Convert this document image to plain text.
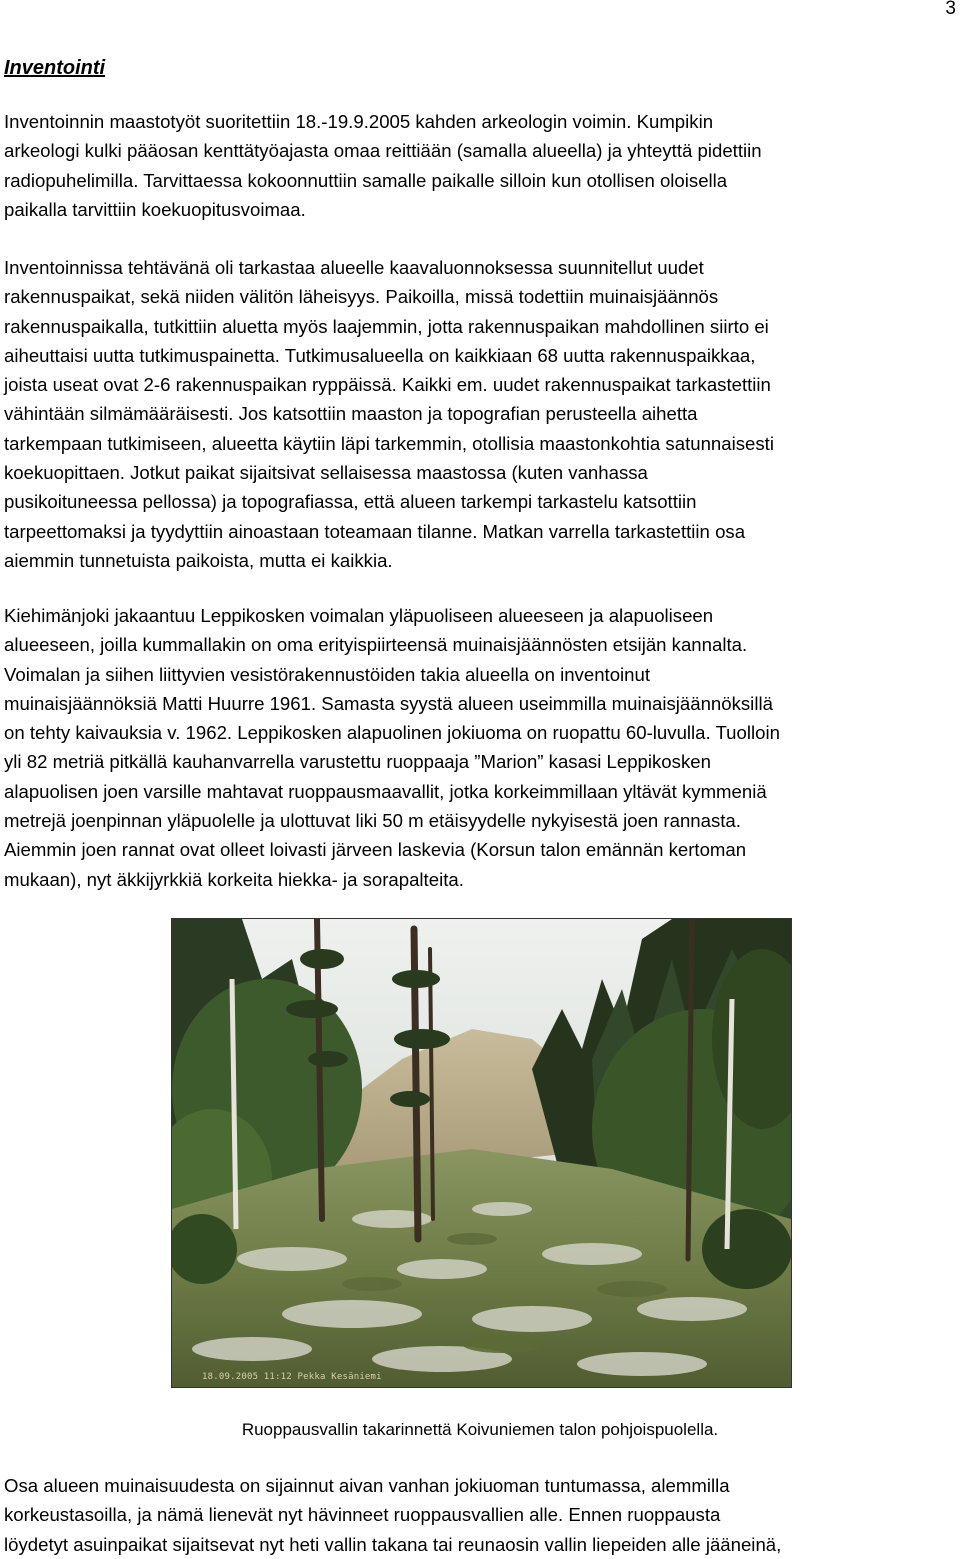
3
Inventointi

Inventoinnin maastotyöt suoritettiin 18.-19.9.2005 kahden arkeologin voimin. Kumpikin
arkeologi kulki pääosan kenttätyöajasta omaa reittiään (samalla alueella) ja yhteyttä pidettiin
radiopuhelimilla. Tarvittaessa kokoonnuttiin samalle paikalle silloin kun otollisen oloisella
paikalla tarvittiin koekuopitusvoimaa.

Inventoinnissa tehtävänä oli tarkastaa alueelle kaavaluonnoksessa suunnitellut uudet
rakennuspaikat, sekä niiden välitön läheisyys. Paikoilla, missä todettiin muinaisjäännös
rakennuspaikalla, tutkittiin aluetta myös laajemmin, jotta rakennuspaikan mahdollinen siirto ei
aiheuttaisi uutta tutkimuspainetta. Tutkimusalueella on kaikkiaan 68 uutta rakennuspaikkaa,
joista useat ovat 2-6 rakennuspaikan ryppäissä. Kaikki em. uudet rakennuspaikat tarkastettiin
vähintään silmämääräisesti. Jos katsottiin maaston ja topografian perusteella aihetta
tarkempaan tutkimiseen, alueetta käytiin läpi tarkemmin, otollisia maastonkohtia satunnaisesti
koekuopittaen. Jotkut paikat sijaitsivat sellaisessa maastossa (kuten vanhassa
pusikoituneessa pellossa) ja topografiassa, että alueen tarkempi tarkastelu katsottiin
tarpeettomaksi ja tyydyttiin ainoastaan toteamaan tilanne. Matkan varrella tarkastettiin osa
aiemmin tunnetuista paikoista, mutta ei kaikkia.

Kiehimänjoki jakaantuu Leppikosken voimalan yläpuoliseen alueeseen ja alapuoliseen
alueeseen, joilla kummallakin on oma erityispiirteensä muinaisjäännösten etsijän kannalta.
Voimalan ja siihen liittyvien vesistörakennustöiden takia alueella on inventoinut
muinaisjäännöksiä Matti Huurre 1961. Samasta syystä alueen useimmilla muinaisjäännöksillä
on tehty kaivauksia v. 1962. Leppikosken alapuolinen jokiuoma on ruopattu 60-luvulla. Tuolloin
yli 82 metriä pitkällä kauhanvarrella varustettu ruoppaaja ”Marion” kasasi Leppikosken
alapuolisen joen varsille mahtavat ruoppausmaavallit, jotka korkeimmillaan yltävät kymmeniä
metrejä joenpinnan yläpuolelle ja ulottuvat liki 50 m etäisyydelle nykyisestä joen rannasta.
Aiemmin joen rannat ovat olleet loivasti järveen laskevia (Korsun talon emännän kertoman
mukaan), nyt äkkijyrkkiä korkeita hiekka- ja sorapalteita.

18.09.2005 11:12 Pekka Kesäniemi

Ruoppausvallin takarinnettä Koivuniemen talon pohjoispuolella.

Osa alueen muinaisuudesta on sijainnut aivan vanhan jokiuoman tuntumassa, alemmilla
korkeustasoilla, ja nämä lienevät nyt hävinneet ruoppausvallien alle. Ennen ruoppausta
löydetyt asuinpaikat sijaitsevat nyt heti vallin takana tai reunaosin vallin liepeiden alle jääneinä,
